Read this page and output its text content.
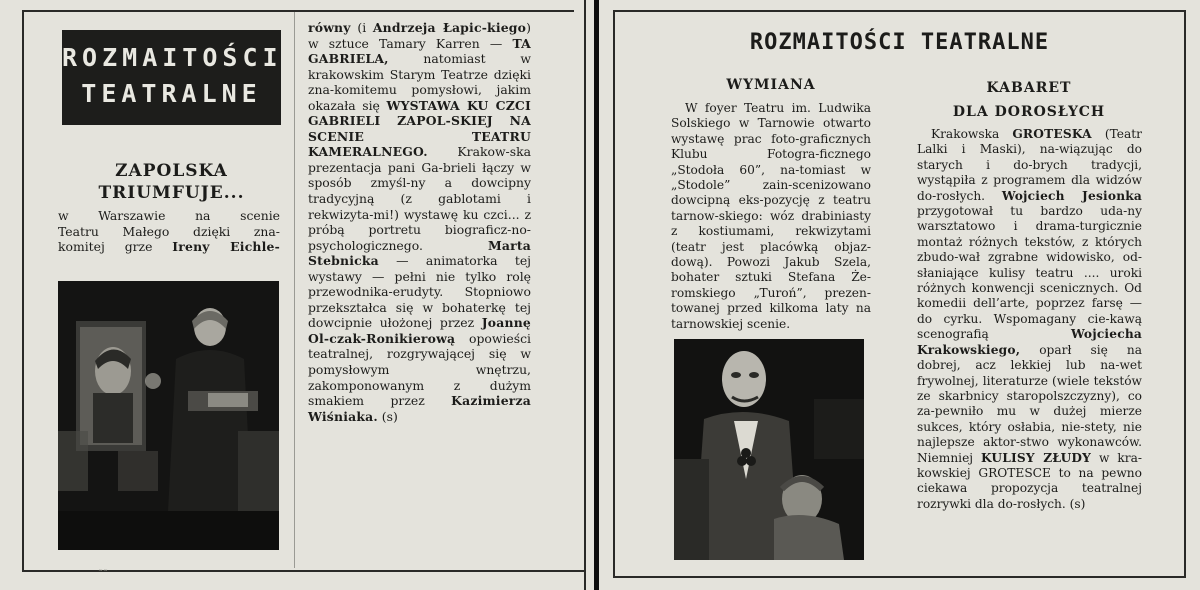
ROZMAITOŚCI
TEATRALNE
ZAPOLSKA
TRIUMFUJE...
w Warszawie na scenie
Teatru Małego dzięki zna-
komitej grze Ireny Eichle-

równy (i Andrzeja Łapic-kiego) w sztuce Tamary Karren — TA GABRIELA, natomiast w krakowskim Starym Teatrze dzięki zna-komitemu pomysłowi, jakim okazała się WYSTAWA KU CZCI GABRIELI ZAPOL-SKIEJ NA SCENIE TEATRU KAMERALNEGO. Krakow-ska prezentacja pani Ga-brieli łączy w sposób zmyśl-ny a dowcipny tradycyjną (z gablotami i rekwizyta-mi!) wystawę ku czci... z próbą portretu biograficz-no-psychologicznego. Marta Stebnicka — animatorka tej wystawy — pełni nie tylko rolę przewodnika-erudyty. Stopniowo przekształca się w bohaterkę tej dowcipnie ułożonej przez Joannę Ol-czak-Ronikierową opowieści teatralnej, rozgrywającej się w pomysłowym wnętrzu, zakomponowanym z dużym smakiem przez Kazimierza Wiśniaka. (s)

˜˜
ROZMAITOŚCI TEATRALNE
WYMIANA

W foyer Teatru im. Ludwika Solskiego w Tarnowie otwarto wystawę prac foto-graficznych Klubu Fotogra-ficznego „Stodoła 60”, na-tomiast w „Stodole” zain-scenizowano dowcipną eks-pozycję z teatru tarnow-skiego: wóz drabiniasty z kostiumami, rekwizytami (teatr jest placówką objaz-dową). Powozi Jakub Szela, bohater sztuki Stefana Że-romskiego „Turoń”, prezen-towanej przed kilkoma laty na tarnowskiej scenie.

KABARET
DLA DOROSŁYCH

Krakowska GROTESKA (Teatr Lalki i Maski), na-wiązując do starych i do-brych tradycji, wystąpiła z programem dla widzów do-rosłych. Wojciech Jesionka przygotował tu bardzo uda-ny warsztatowo i drama-turgicznie montaż różnych tekstów, z których zbudo-wał zgrabne widowisko, od-słaniające kulisy teatru .... uroki różnych konwencji scenicznych. Od komedii dell’arte, poprzez farsę — do cyrku. Wspomagany cie-kawą scenografią Wojciecha Krakowskiego, oparł się na dobrej, acz lekkiej lub na-wet frywolnej, literaturze (wiele tekstów ze skarbnicy staropolszczyzny), co za-pewniło mu w dużej mierze sukces, który osłabia, nie-stety, nie najlepsze aktor-stwo wykonawców. Niemniej KULISY ZŁUDY w kra-kowskiej GROTESCE to na pewno ciekawa propozycja teatralnej rozrywki dla do-rosłych. (s)
